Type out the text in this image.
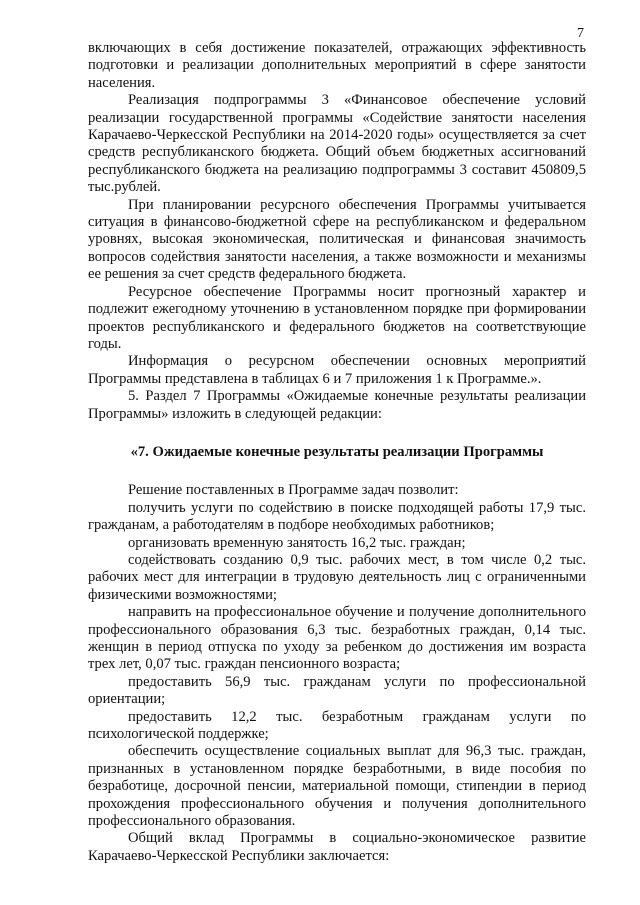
7

включающих в себя достижение показателей, отражающих эффективность подготовки и реализации дополнительных мероприятий в сфере занятости населения.

Реализация подпрограммы 3 «Финансовое обеспечение условий реализации государственной программы «Содействие занятости населения Карачаево-Черкесской Республики на 2014-2020 годы» осуществляется за счет средств республиканского бюджета. Общий объем бюджетных ассигнований республиканского бюджета на реализацию подпрограммы 3 составит 450809,5 тыс.рублей.

При планировании ресурсного обеспечения Программы учитывается ситуация в финансово-бюджетной сфере на республиканском и федеральном уровнях, высокая экономическая, политическая и финансовая значимость вопросов содействия занятости населения, а также возможности и механизмы ее решения за счет средств федерального бюджета.

Ресурсное обеспечение Программы носит прогнозный характер и подлежит ежегодному уточнению в установленном порядке при формировании проектов республиканского и федерального бюджетов на соответствующие годы.

Информация о ресурсном обеспечении основных мероприятий Программы представлена в таблицах 6 и 7 приложения 1 к Программе.».

5. Раздел 7 Программы «Ожидаемые конечные результаты реализации Программы» изложить в следующей редакции:

«7. Ожидаемые конечные результаты реализации Программы

Решение поставленных в Программе задач позволит:

получить услуги по содействию в поиске подходящей работы 17,9 тыс. гражданам, а работодателям в подборе необходимых работников;

организовать временную занятость 16,2 тыс. граждан;

содействовать созданию 0,9 тыс. рабочих мест, в том числе 0,2 тыс. рабочих мест для интеграции в трудовую деятельность лиц с ограниченными физическими возможностями;

направить на профессиональное обучение и получение дополнительного профессионального образования 6,3 тыс. безработных граждан, 0,14 тыс. женщин в период отпуска по уходу за ребенком до достижения им возраста трех лет, 0,07 тыс. граждан пенсионного возраста;

предоставить 56,9 тыс. гражданам услуги по профессиональной ориентации;

предоставить 12,2 тыс. безработным гражданам услуги по психологической поддержке;

обеспечить осуществление социальных выплат для 96,3 тыс. граждан, признанных в установленном порядке безработными, в виде пособия по безработице, досрочной пенсии, материальной помощи, стипендии в период прохождения профессионального обучения и получения дополнительного профессионального образования.

Общий вклад Программы в социально-экономическое развитие Карачаево-Черкесской Республики заключается:
